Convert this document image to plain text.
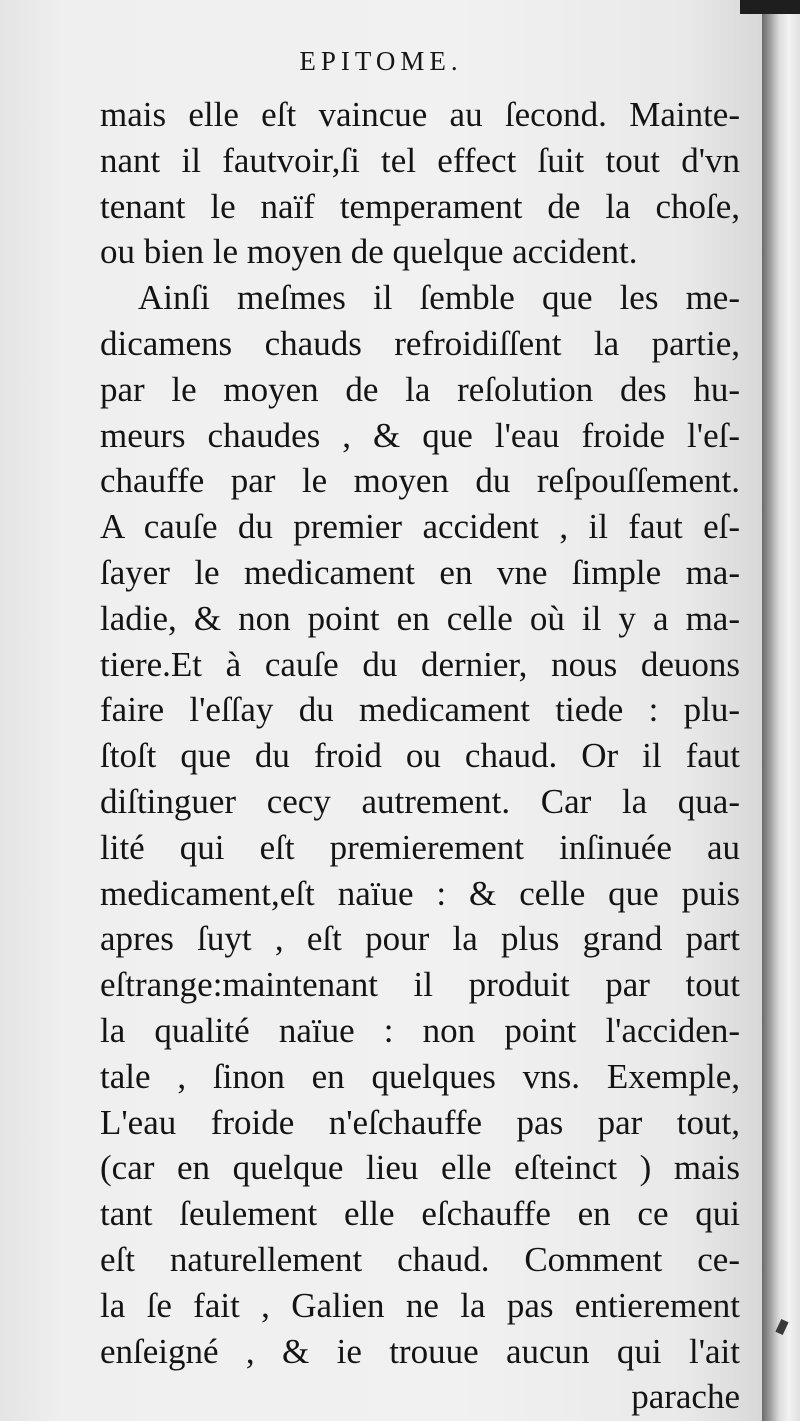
EPITOME.
mais elle eſt vaincue au ſecond. Mainte-
nant il fautvoir,ſi tel effect ſuit tout d'vn
tenant le naïf temperament de la choſe,
ou bien le moyen de quelque accident.
Ainſi meſmes il ſemble que les me-
dicamens chauds refroidiſſent la partie,
par le moyen de la reſolution des hu-
meurs chaudes , & que l'eau froide l'eſ-
chauffe par le moyen du reſpouſſement.
A cauſe du premier accident , il faut eſ-
ſayer le medicament en vne ſimple ma-
ladie, & non point en celle où il y a ma-
tiere.Et à cauſe du dernier, nous deuons
faire l'eſſay du medicament tiede : plu-
ſtoſt que du froid ou chaud. Or il faut
diſtinguer cecy autrement. Car la qua-
lité qui eſt premierement inſinuée au
medicament,eſt naïue : & celle que puis
apres ſuyt , eſt pour la plus grand part
eſtrange:maintenant il produit par tout
la qualité naïue : non point l'acciden-
tale , ſinon en quelques vns. Exemple,
L'eau froide n'eſchauffe pas par tout,
(car en quelque lieu elle eſteinct ) mais
tant ſeulement elle eſchauffe en ce qui
eſt naturellement chaud. Comment ce-
la ſe fait , Galien ne la pas entierement
enſeigné , & ie trouue aucun qui l'ait
parache
